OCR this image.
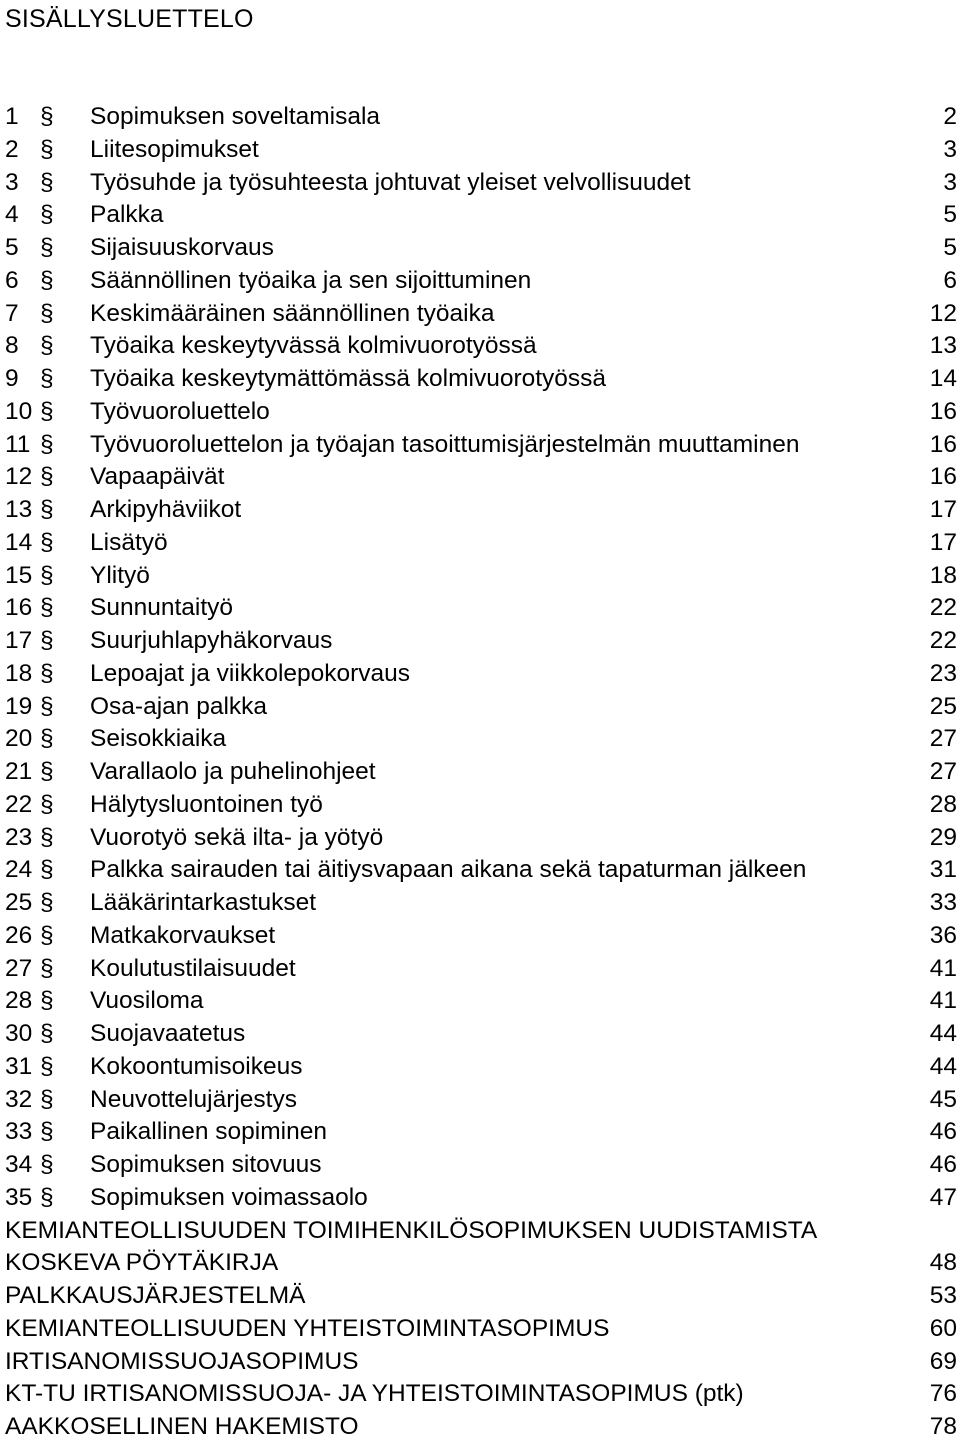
SISÄLLYSLUETTELO
1 § Sopimuksen soveltamisala	2
2 § Liitesopimukset	3
3 § Työsuhde ja työsuhteesta johtuvat yleiset velvollisuudet	3
4 § Palkka	5
5 § Sijaisuuskorvaus	5
6 § Säännöllinen työaika ja sen sijoittuminen	6
7 § Keskimääräinen säännöllinen työaika	12
8 § Työaika keskeytyvässä kolmivuorotyössä	13
9 § Työaika keskeytymättömässä kolmivuorotyössä	14
10 § Työvuoroluettelo	16
11 § Työvuoroluettelon ja työajan tasoittumisjärjestelmän muuttaminen	16
12 § Vapaapäivät	16
13 § Arkipyhäviikot	17
14 § Lisätyö	17
15 § Ylityö	18
16 § Sunnuntaityö	22
17 § Suurjuhlapyhäkorvaus	22
18 § Lepoajat ja viikkolepokorvaus	23
19 § Osa-ajan palkka	25
20 § Seisokkiaika	27
21 § Varallaolo ja puhelinohjeet	27
22 § Hälytysluontoinen työ	28
23 § Vuorotyö sekä ilta- ja yötyö	29
24 § Palkka sairauden tai äitiysvapaan aikana sekä tapaturman jälkeen	31
25 § Lääkärintarkastukset	33
26 § Matkakorvaukset	36
27 § Koulutustilaisuudet	41
28 § Vuosiloma	41
30 § Suojavaatetus	44
31 § Kokoontumisoikeus	44
32 § Neuvottelujärjestys	45
33 § Paikallinen sopiminen	46
34 § Sopimuksen sitovuus	46
35 § Sopimuksen voimassaolo	47
KEMIANTEOLLISUUDEN TOIMIHENKILÖSOPIMUKSEN UUDISTAMISTA
KOSKEVA PÖYTÄKIRJA	48
PALKKAUSJÄRJESTELMÄ	53
KEMIANTEOLLISUUDEN YHTEISTOIMINTASOPIMUS	60
IRTISANOMISSUOJASOPIMUS	69
KT-TU IRTISANOMISSUOJA- JA YHTEISTOIMINTASOPIMUS (ptk)	76
AAKKOSELLINEN HAKEMISTO	78
